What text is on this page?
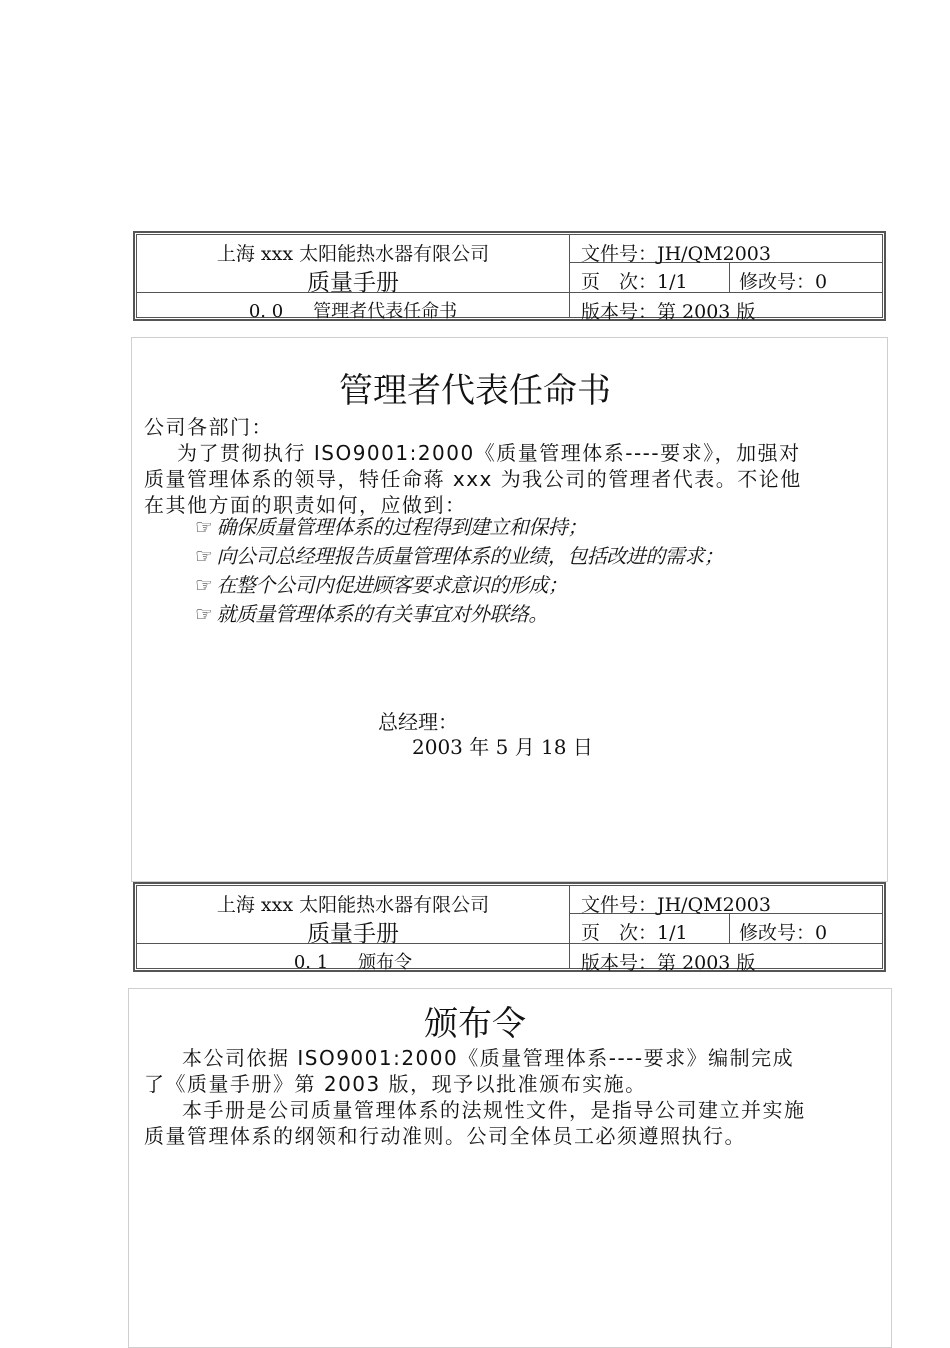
上海 xxx 太阳能热水器有限公司
质量手册
0. 0 管理者代表任命书
文件号：JH/QM2003
页　次：1/1	修改号：0
版本号：第 2003 版
管理者代表任命书

公司各部门：

为了贯彻执行 ISO9001:2000《质量管理体系----要求》，加强对质量管理体系的领导，特任命蒋 xxx 为我公司的管理者代表。不论他在其他方面的职责如何，应做到：

☞ 确保质量管理体系的过程得到建立和保持；
☞ 向公司总经理报告质量管理体系的业绩，包括改进的需求；
☞ 在整个公司内促进顾客要求意识的形成；
☞ 就质量管理体系的有关事宜对外联络。
总经理：
2003 年 5 月 18 日
上海 xxx 太阳能热水器有限公司
质量手册
0. 1 颁布令
文件号：JH/QM2003
页　次：1/1	修改号：0
版本号：第 2003 版
颁布令

本公司依据 ISO9001:2000《质量管理体系----要求》编制完成了《质量手册》第 2003 版，现予以批准颁布实施。

本手册是公司质量管理体系的法规性文件，是指导公司建立并实施质量管理体系的纲领和行动准则。公司全体员工必须遵照执行。
